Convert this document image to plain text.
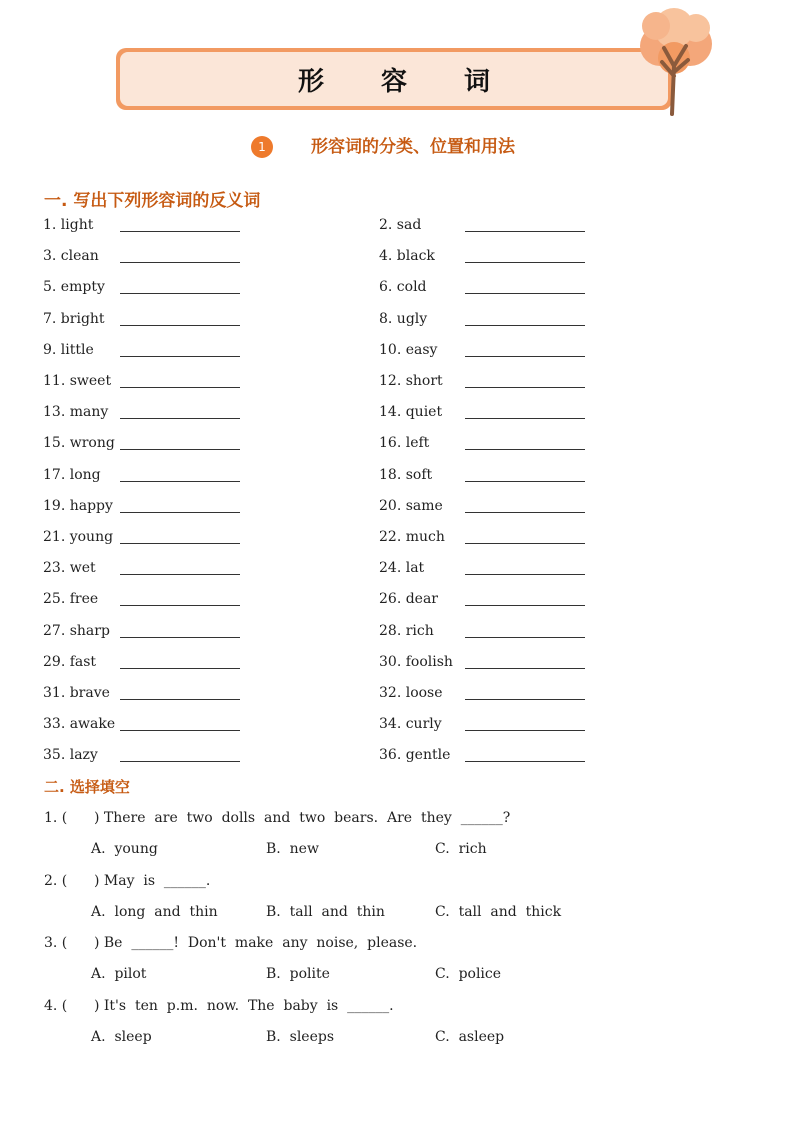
形 容 词
1	形容词的分类、位置和用法
一. 写出下列形容词的反义词
1. light	2. sad
3. clean	4. black
5. empty	6. cold
7. bright	8. ugly
9. little	10. easy
11. sweet	12. short
13. many	14. quiet
15. wrong	16. left
17. long	18. soft
19. happy	20. same
21. young	22. much
23. wet	24. lat
25. free	26. dear
27. sharp	28. rich
29. fast	30. foolish
31. brave	32. loose
33. awake	34. curly
35. lazy	36. gentle
二. 选择填空
1. (      ) There  are  two  dolls  and  two  bears.  Are  they  ______?
A.  young	B.  new	C.  rich
2. (      ) May  is  ______.
A.  long  and  thin	B.  tall  and  thin	C.  tall  and  thick
3. (      ) Be  ______!  Don't  make  any  noise,  please.
A.  pilot	B.  polite	C.  police
4. (      ) It's  ten  p.m.  now.  The  baby  is  ______.
A.  sleep	B.  sleeps	C.  asleep
